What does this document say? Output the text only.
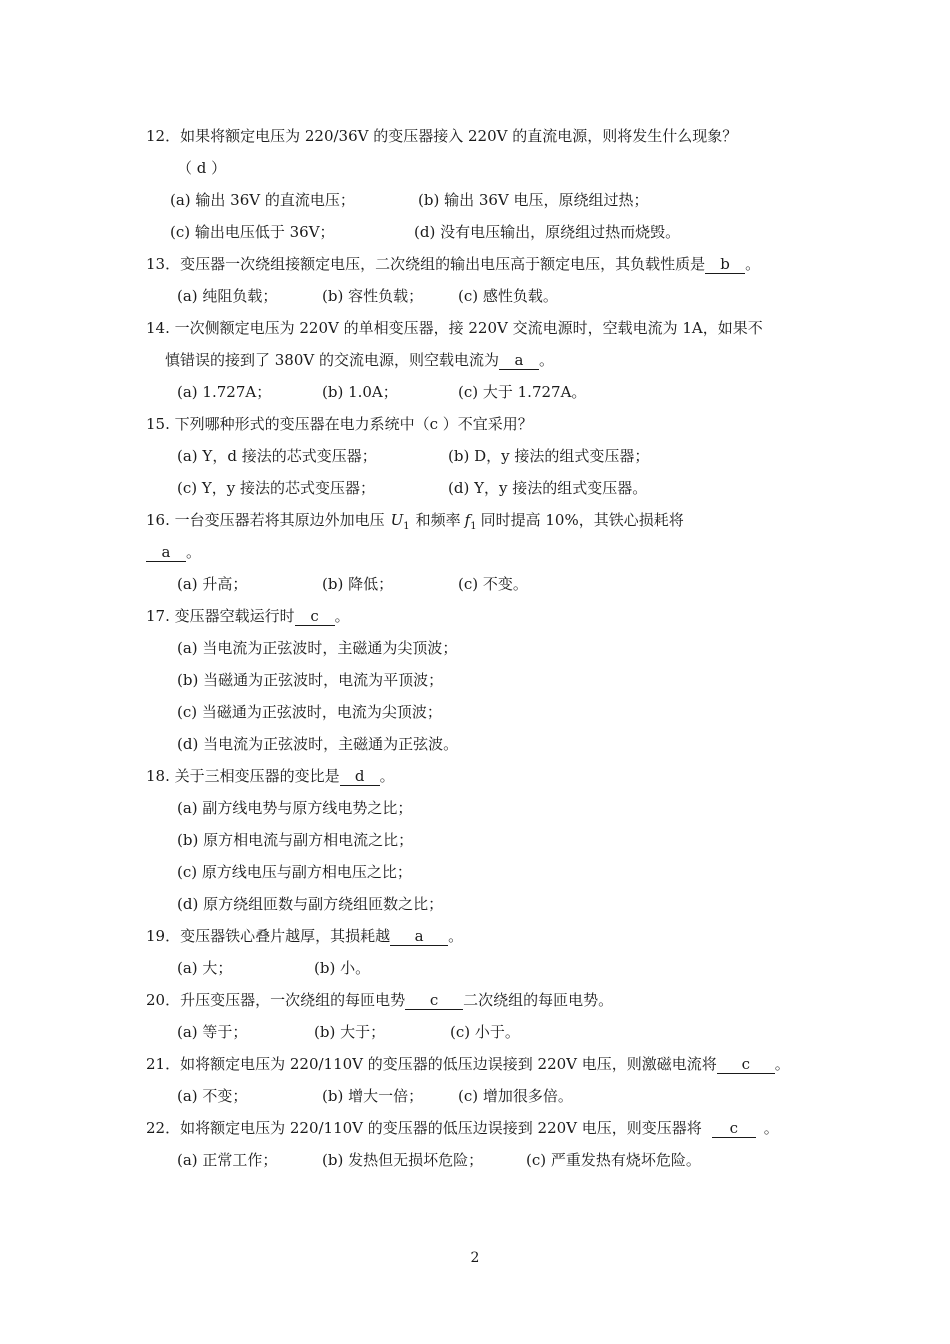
12．如果将额定电压为 220/36V 的变压器接入 220V 的直流电源，则将发生什么现象？
（ d ）
(a) 输出 36V 的直流电压；	(b) 输出 36V 电压，原绕组过热；
(c) 输出电压低于 36V；	(d) 没有电压输出，原绕组过热而烧毁。
13．变压器一次绕组接额定电压，二次绕组的输出电压高于额定电压，其负载性质是 b 。
(a) 纯阻负载；	(b) 容性负载； (c) 感性负载。
14. 一次侧额定电压为 220V 的单相变压器，接 220V 交流电源时，空载电流为 1A，如果不
慎错误的接到了 380V 的交流电源，则空载电流为 a 。
(a) 1.727A；	(b) 1.0A；	(c) 大于 1.727A。
15. 下列哪种形式的变压器在电力系统中（c ）不宜采用？
(a) Y，d 接法的芯式变压器；	(b) D，y 接法的组式变压器；
(c) Y，y 接法的芯式变压器；	(d) Y，y 接法的组式变压器。
16. 一台变压器若将其原边外加电压 $U_1$ 和频率 $f_1$ 同时提高 10%，其铁心损耗将
a 。
(a) 升高；	(b) 降低；	(c) 不变。
17. 变压器空载运行时 c 。
(a) 当电流为正弦波时，主磁通为尖顶波；
(b) 当磁通为正弦波时，电流为平顶波；
(c) 当磁通为正弦波时，电流为尖顶波；
(d) 当电流为正弦波时，主磁通为正弦波。
18. 关于三相变压器的变比是 d 。
(a) 副方线电势与原方线电势之比；
(b) 原方相电流与副方相电流之比；
(c) 原方线电压与副方相电压之比；
(d) 原方绕组匝数与副方绕组匝数之比；
19．变压器铁心叠片越厚，其损耗越 a 。
(a) 大；	(b) 小。
20．升压变压器，一次绕组的每匝电势 c 二次绕组的每匝电势。
(a) 等于；	(b) 大于；	(c) 小于。
21．如将额定电压为 220/110V 的变压器的低压边误接到 220V 电压，则激磁电流将 c 。
(a) 不变；	(b) 增大一倍； (c) 增加很多倍。
22．如将额定电压为 220/110V 的变压器的低压边误接到 220V 电压，则变压器将 c 。
(a) 正常工作；	(b) 发热但无损坏危险；	(c) 严重发热有烧坏危险。
2
